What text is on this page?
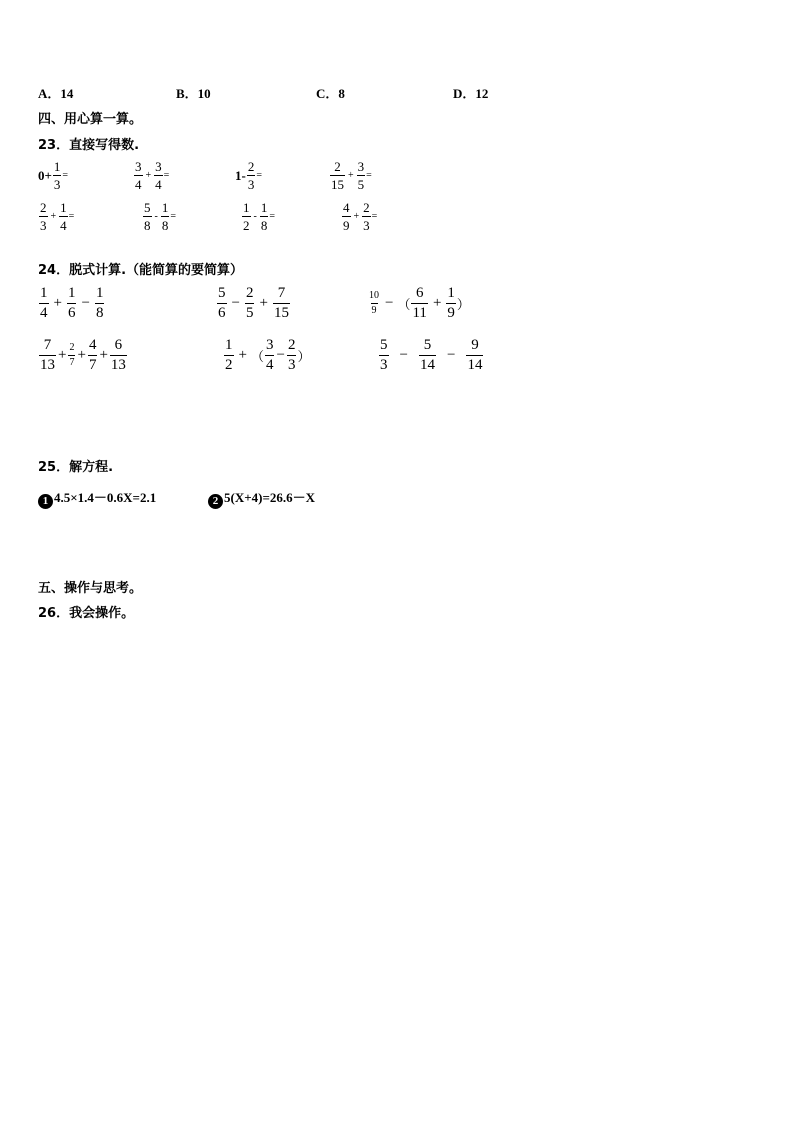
A．14	B．10	C．8	D．12
四、用心算一算。
23．直接写得数.
$0+ \frac{1}{3}$ =	$\frac{3}{4} + \frac{3}{4}$ =	$1- \frac{2}{3}$ =	$\frac{2}{15} + \frac{3}{5}$ =
$\frac{2}{3} + \frac{1}{4}$ =	$\frac{5}{8} - \frac{1}{8}$ =	$\frac{1}{2} - \frac{1}{8}$ =	$\frac{4}{9} + \frac{2}{3}$ =
24．脱式计算.（能简算的要简算）
$\frac{1}{4} + \frac{1}{6} - \frac{1}{8}$	$\frac{5}{6} - \frac{2}{5} + \frac{7}{15}$	$\frac{10}{9}$ − （ $\frac{6}{11} + \frac{1}{9}$ ）
$\frac{7}{13} + \frac{2}{7} + \frac{4}{7} + \frac{6}{13}$	$\frac{1}{2}$ + （ $\frac{3}{4} - \frac{2}{3}$ ）	$\frac{5}{3} - \frac{5}{14} - \frac{9}{14}$
25．解方程.
1 4.5×1.4－0.6X=2.1	2 5(X+4)=26.6－X
五、操作与思考。
26．我会操作。
